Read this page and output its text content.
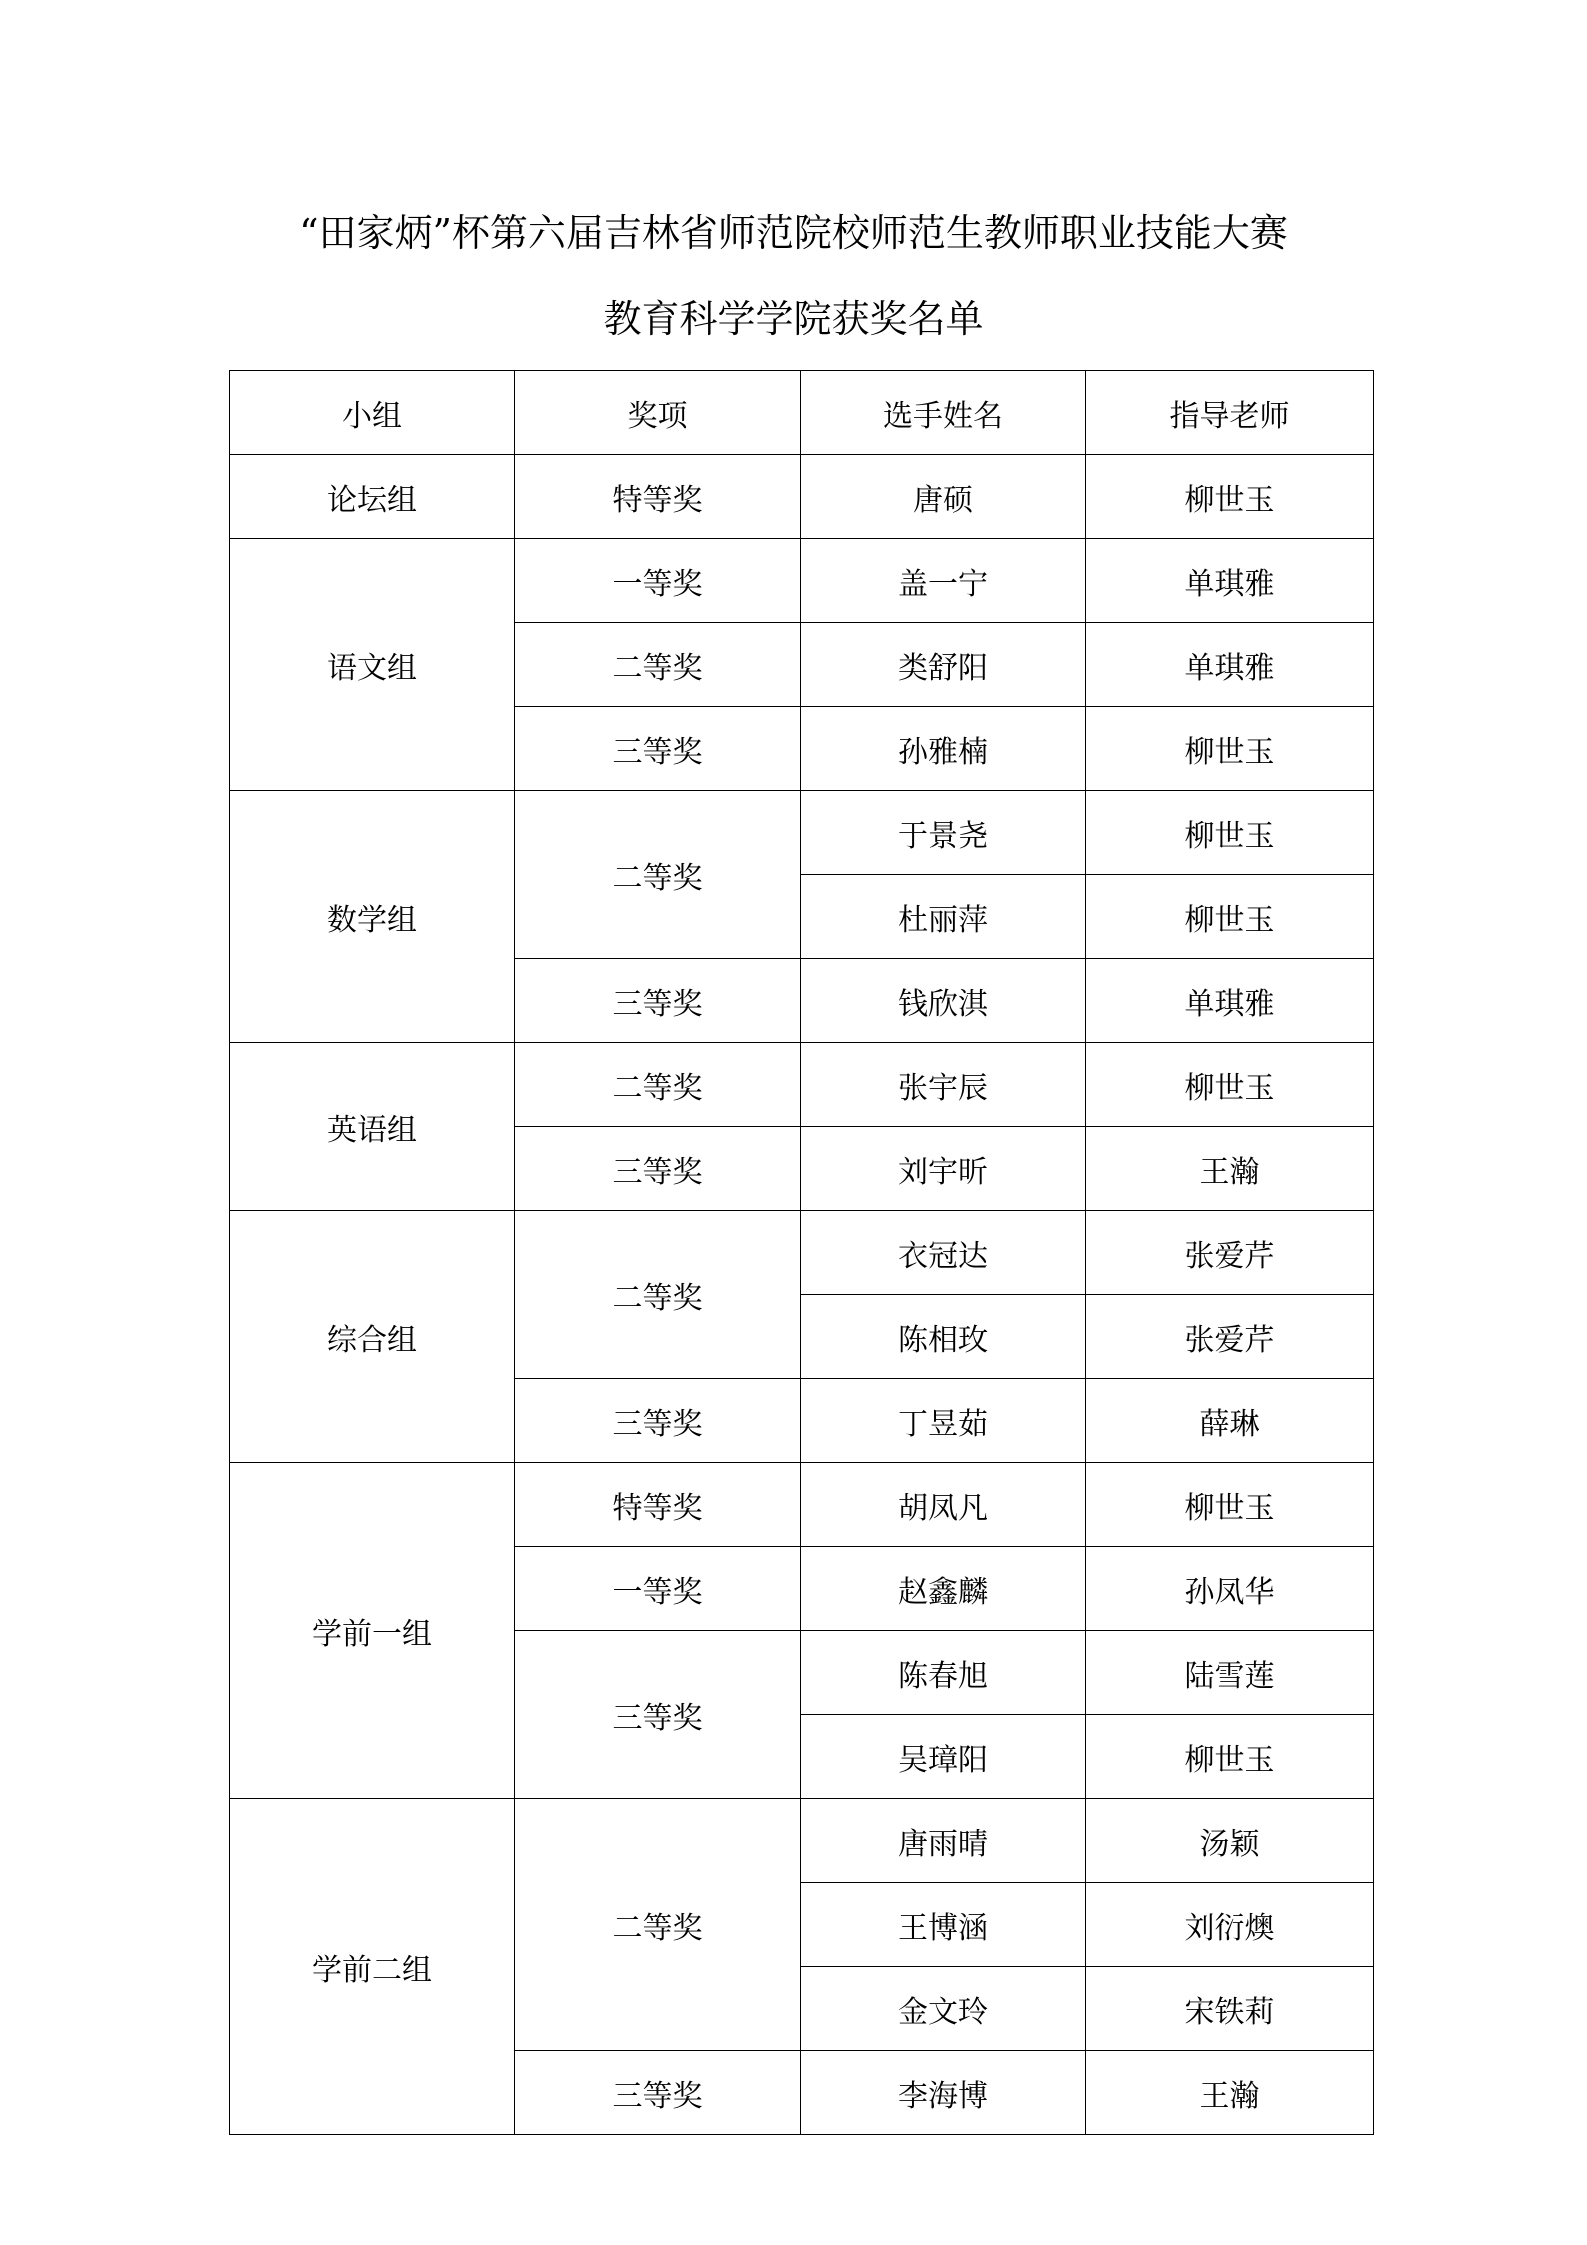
“田家炳”杯第六届吉林省师范院校师范生教师职业技能大赛
教育科学学院获奖名单
小组	奖项	选手姓名	指导老师
论坛组	特等奖	唐硕	柳世玉
语文组	一等奖	盖一宁	单琪雅
	二等奖	类舒阳	单琪雅
	三等奖	孙雅楠	柳世玉
数学组	二等奖	于景尧	柳世玉
		杜丽萍	柳世玉
	三等奖	钱欣淇	单琪雅
英语组	二等奖	张宇辰	柳世玉
	三等奖	刘宇昕	王瀚
综合组	二等奖	衣冠达	张爱芹
		陈相玫	张爱芹
	三等奖	丁昱茹	薛琳
学前一组	特等奖	胡凤凡	柳世玉
	一等奖	赵鑫麟	孙凤华
	三等奖	陈春旭	陆雪莲
		吴璋阳	柳世玉
学前二组	二等奖	唐雨晴	汤颖
		王博涵	刘衍燠
		金文玲	宋铁莉
	三等奖	李海博	王瀚
